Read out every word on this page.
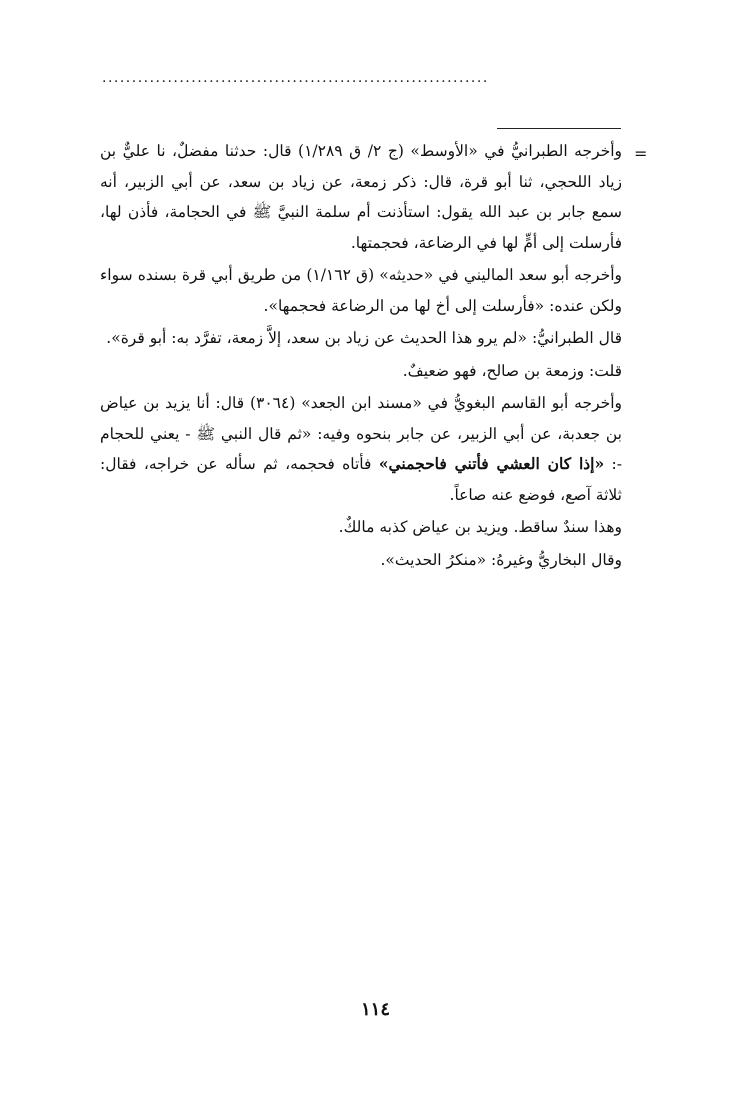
.................................................................
=

وأخرجه الطبرانيُّ في «الأوسط» (ج ٢/ ق ١/٢٨٩) قال: حدثنا مفضلٌ، نا عليٌّ بن زياد اللحجي، ثنا أبو قرة، قال: ذكر زمعة، عن زياد بن سعد، عن أبي الزبير، أنه سمع جابر بن عبد الله يقول: استأذنت أم سلمة النبيَّ ﷺ في الحجامة، فأذن لها، فأرسلت إلى أمٍّ لها في الرضاعة، فحجمتها.

وأخرجه أبو سعد الماليني في «حديثه» (ق ١/١٦٢) من طريق أبي قرة بسنده سواء ولكن عنده: «فأرسلت إلى أخ لها من الرضاعة فحجمها».

قال الطبرانيُّ: «لم يرو هذا الحديث عن زياد بن سعد، إلاَّ زمعة، تفرَّد به: أبو قرة».

قلت: وزمعة بن صالح، فهو ضعيفٌ.

وأخرجه أبو القاسم البغويُّ في «مسند ابن الجعد» (٣٠٦٤) قال: أنا يزيد بن عياض بن جعدبة، عن أبي الزبير، عن جابر بنحوه وفيه: «ثم قال النبي ﷺ - يعني للحجام -: «إذا كان العشي فأتني فاحجمني» فأتاه فحجمه، ثم سأله عن خراجه، فقال: ثلاثة آصع، فوضع عنه صاعاً.

وهذا سندٌ ساقط. ويزيد بن عياض كذبه مالكٌ.

وقال البخاريُّ وغيرهُ: «منكرُ الحديث».

١١٤
